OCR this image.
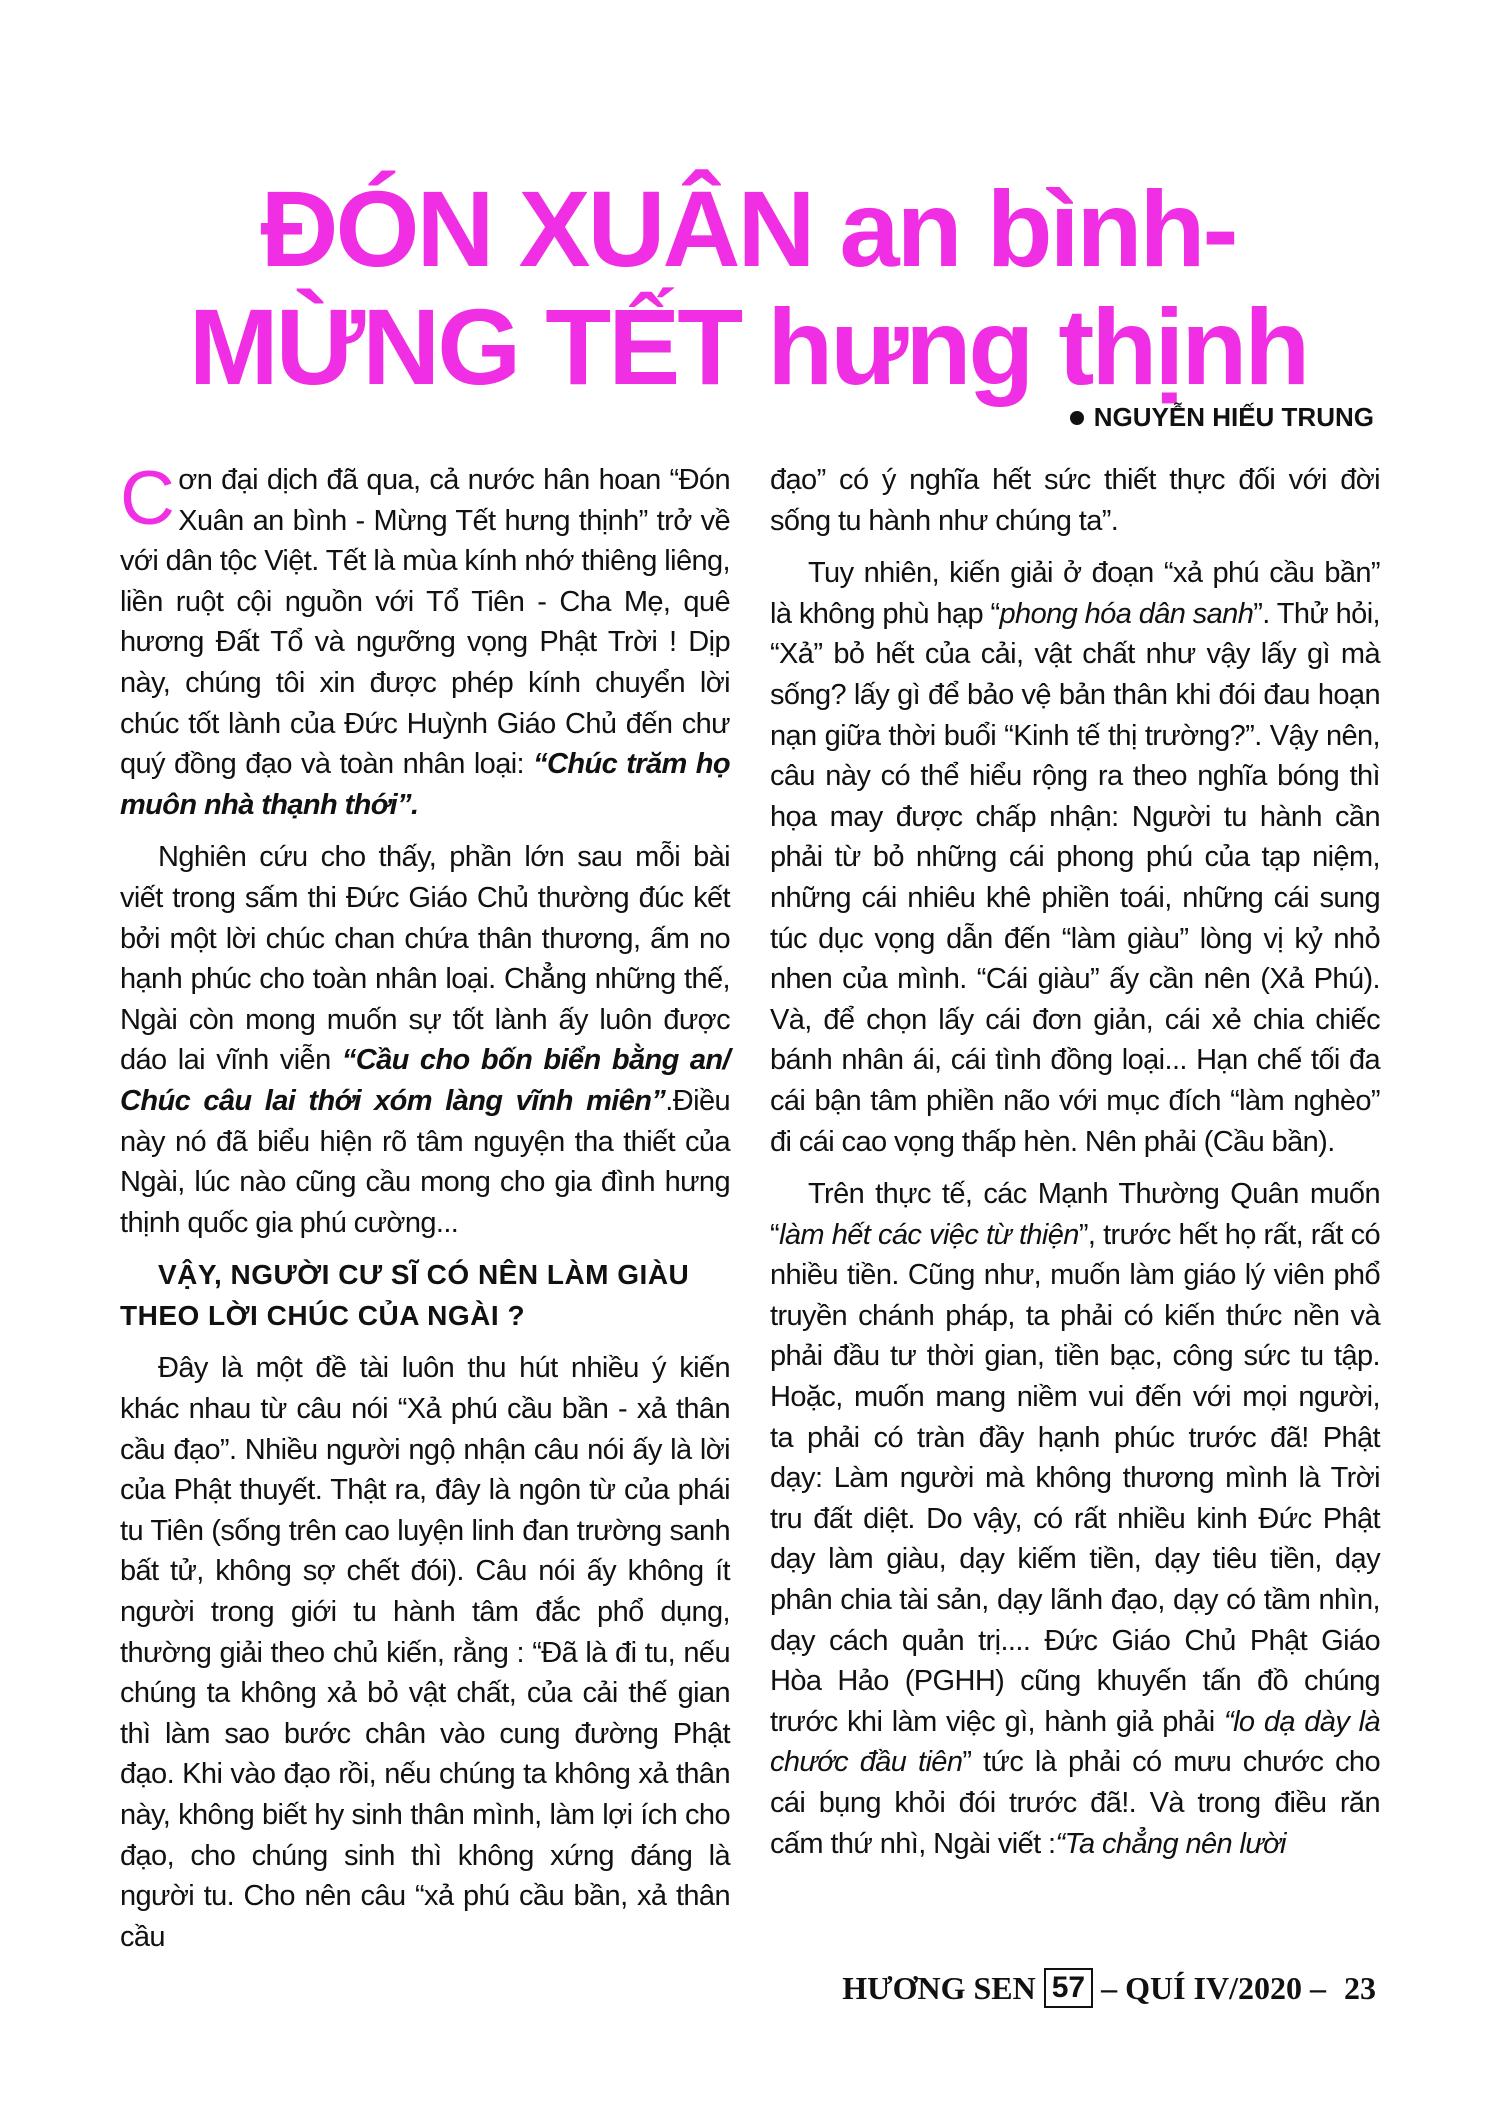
ĐÓN XUÂN an bình-
MỪNG TẾT hưng thịnh
NGUYỄN HIẾU TRUNG

Cơn đại dịch đã qua, cả nước hân hoan “Đón Xuân an bình - Mừng Tết hưng thịnh” trở về với dân tộc Việt. Tết là mùa kính nhớ thiêng liêng, liền ruột cội nguồn với Tổ Tiên - Cha Mẹ, quê hương Đất Tổ và ngưỡng vọng Phật Trời ! Dịp này, chúng tôi xin được phép kính chuyển lời chúc tốt lành của Đức Huỳnh Giáo Chủ đến chư quý đồng đạo và toàn nhân loại: “Chúc trăm họ muôn nhà thạnh thới”.

Nghiên cứu cho thấy, phần lớn sau mỗi bài viết trong sấm thi Đức Giáo Chủ thường đúc kết bởi một lời chúc chan chứa thân thương, ấm no hạnh phúc cho toàn nhân loại. Chẳng những thế, Ngài còn mong muốn sự tốt lành ấy luôn được dáo lai vĩnh viễn “Cầu cho bốn biển bằng an/ Chúc câu lai thới xóm làng vĩnh miên”.Điều này nó đã biểu hiện rõ tâm nguyện tha thiết của Ngài, lúc nào cũng cầu mong cho gia đình hưng thịnh quốc gia phú cường...

VẬY, NGƯỜI CƯ SĨ CÓ NÊN LÀM GIÀU THEO LỜI CHÚC CỦA NGÀI ?

Đây là một đề tài luôn thu hút nhiều ý kiến khác nhau từ câu nói “Xả phú cầu bần - xả thân cầu đạo”. Nhiều người ngộ nhận câu nói ấy là lời của Phật thuyết. Thật ra, đây là ngôn từ của phái tu Tiên (sống trên cao luyện linh đan trường sanh bất tử, không sợ chết đói). Câu nói ấy không ít người trong giới tu hành tâm đắc phổ dụng, thường giải theo chủ kiến, rằng : “Đã là đi tu, nếu chúng ta không xả bỏ vật chất, của cải thế gian thì làm sao bước chân vào cung đường Phật đạo. Khi vào đạo rồi, nếu chúng ta không xả thân này, không biết hy sinh thân mình, làm lợi ích cho đạo, cho chúng sinh thì không xứng đáng là người tu. Cho nên câu “xả phú cầu bần, xả thân cầu

đạo” có ý nghĩa hết sức thiết thực đối với đời sống tu hành như chúng ta”.

Tuy nhiên, kiến giải ở đoạn “xả phú cầu bần” là không phù hạp “phong hóa dân sanh”. Thử hỏi, “Xả” bỏ hết của cải, vật chất như vậy lấy gì mà sống? lấy gì để bảo vệ bản thân khi đói đau hoạn nạn giữa thời buổi “Kinh tế thị trường?”. Vậy nên, câu này có thể hiểu rộng ra theo nghĩa bóng thì họa may được chấp nhận: Người tu hành cần phải từ bỏ những cái phong phú của tạp niệm, những cái nhiêu khê phiền toái, những cái sung túc dục vọng dẫn đến “làm giàu” lòng vị kỷ nhỏ nhen của mình. “Cái giàu” ấy cần nên (Xả Phú). Và, để chọn lấy cái đơn giản, cái xẻ chia chiếc bánh nhân ái, cái tình đồng loại... Hạn chế tối đa cái bận tâm phiền não với mục đích “làm nghèo” đi cái cao vọng thấp hèn. Nên phải (Cầu bần).

Trên thực tế, các Mạnh Thường Quân muốn “làm hết các việc từ thiện”, trước hết họ rất, rất có nhiều tiền. Cũng như, muốn làm giáo lý viên phổ truyền chánh pháp, ta phải có kiến thức nền và phải đầu tư thời gian, tiền bạc, công sức tu tập. Hoặc, muốn mang niềm vui đến với mọi người, ta phải có tràn đầy hạnh phúc trước đã! Phật dạy: Làm người mà không thương mình là Trời tru đất diệt. Do vậy, có rất nhiều kinh Đức Phật dạy làm giàu, dạy kiếm tiền, dạy tiêu tiền, dạy phân chia tài sản, dạy lãnh đạo, dạy có tầm nhìn, dạy cách quản trị.... Đức Giáo Chủ Phật Giáo Hòa Hảo (PGHH) cũng khuyến tấn đồ chúng trước khi làm việc gì, hành giả phải “lo dạ dày là chước đầu tiên” tức là phải có mưu chước cho cái bụng khỏi đói trước đã!. Và trong điều răn cấm thứ nhì, Ngài viết :“Ta chẳng nên lười

HƯƠNG SEN 57 – QUÍ IV/2020 – 23
